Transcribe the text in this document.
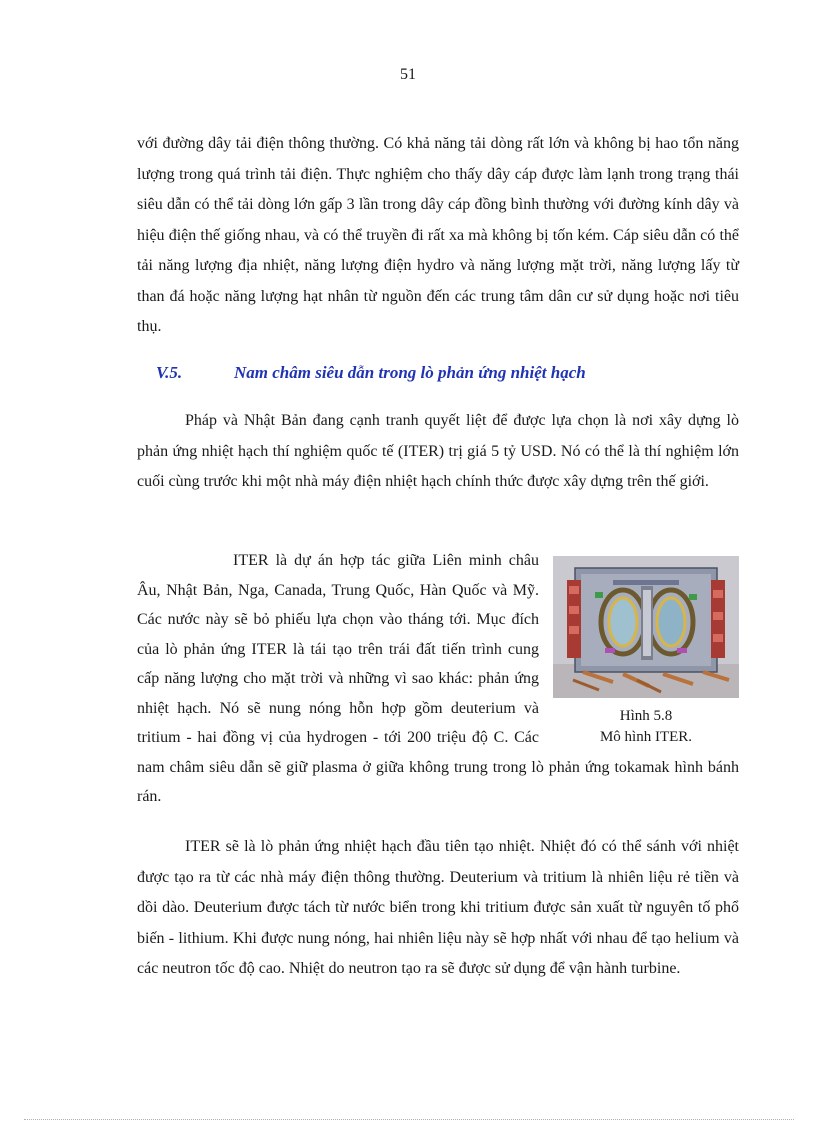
51

với đường dây tải điện thông thường. Có khả năng tải dòng rất lớn và không bị hao tổn năng lượng trong quá trình tải điện. Thực nghiệm cho thấy dây cáp được làm lạnh trong trạng thái siêu dẫn có thể tải dòng lớn gấp 3 lần trong dây cáp đồng bình thường với đường kính dây và hiệu điện thế giống nhau, và có thể truyền đi rất xa mà không bị tốn kém. Cáp siêu dẫn có thể tải năng lượng địa nhiệt, năng lượng điện hydro và năng lượng mặt trời, năng lượng lấy từ than đá hoặc năng lượng hạt nhân từ nguồn đến các trung tâm dân cư sử dụng hoặc nơi tiêu thụ.

V.5.	Nam châm siêu dẫn trong lò phản ứng nhiệt hạch

Pháp và Nhật Bản đang cạnh tranh quyết liệt để được lựa chọn là nơi xây dựng lò phản ứng nhiệt hạch thí nghiệm quốc tế (ITER) trị giá 5 tỷ USD. Nó có thể là thí nghiệm lớn cuối cùng trước khi một nhà máy điện nhiệt hạch chính thức được xây dựng trên thế giới.

Hình 5.8
Mô hình ITER.

ITER là dự án hợp tác giữa Liên minh châu Âu, Nhật Bản, Nga, Canada, Trung Quốc, Hàn Quốc và Mỹ. Các nước này sẽ bỏ phiếu lựa chọn vào tháng tới. Mục đích của lò phản ứng ITER là tái tạo trên trái đất tiến trình cung cấp năng lượng cho mặt trời và những vì sao khác: phản ứng nhiệt hạch. Nó sẽ nung nóng hỗn hợp gồm deuterium và tritium - hai đồng vị của hydrogen - tới 200 triệu độ C. Các nam châm siêu dẫn sẽ giữ plasma ở giữa không trung trong lò phản ứng tokamak hình bánh rán.

ITER sẽ là lò phản ứng nhiệt hạch đầu tiên tạo nhiệt. Nhiệt đó có thể sánh với nhiệt được tạo ra từ các nhà máy điện thông thường. Deuterium và tritium là nhiên liệu rẻ tiền và dồi dào. Deuterium được tách từ nước biển trong khi tritium được sản xuất từ nguyên tố phổ biến - lithium. Khi được nung nóng, hai nhiên liệu này sẽ hợp nhất với nhau để tạo helium và các neutron tốc độ cao. Nhiệt do neutron tạo ra sẽ được sử dụng để vận hành turbine.
